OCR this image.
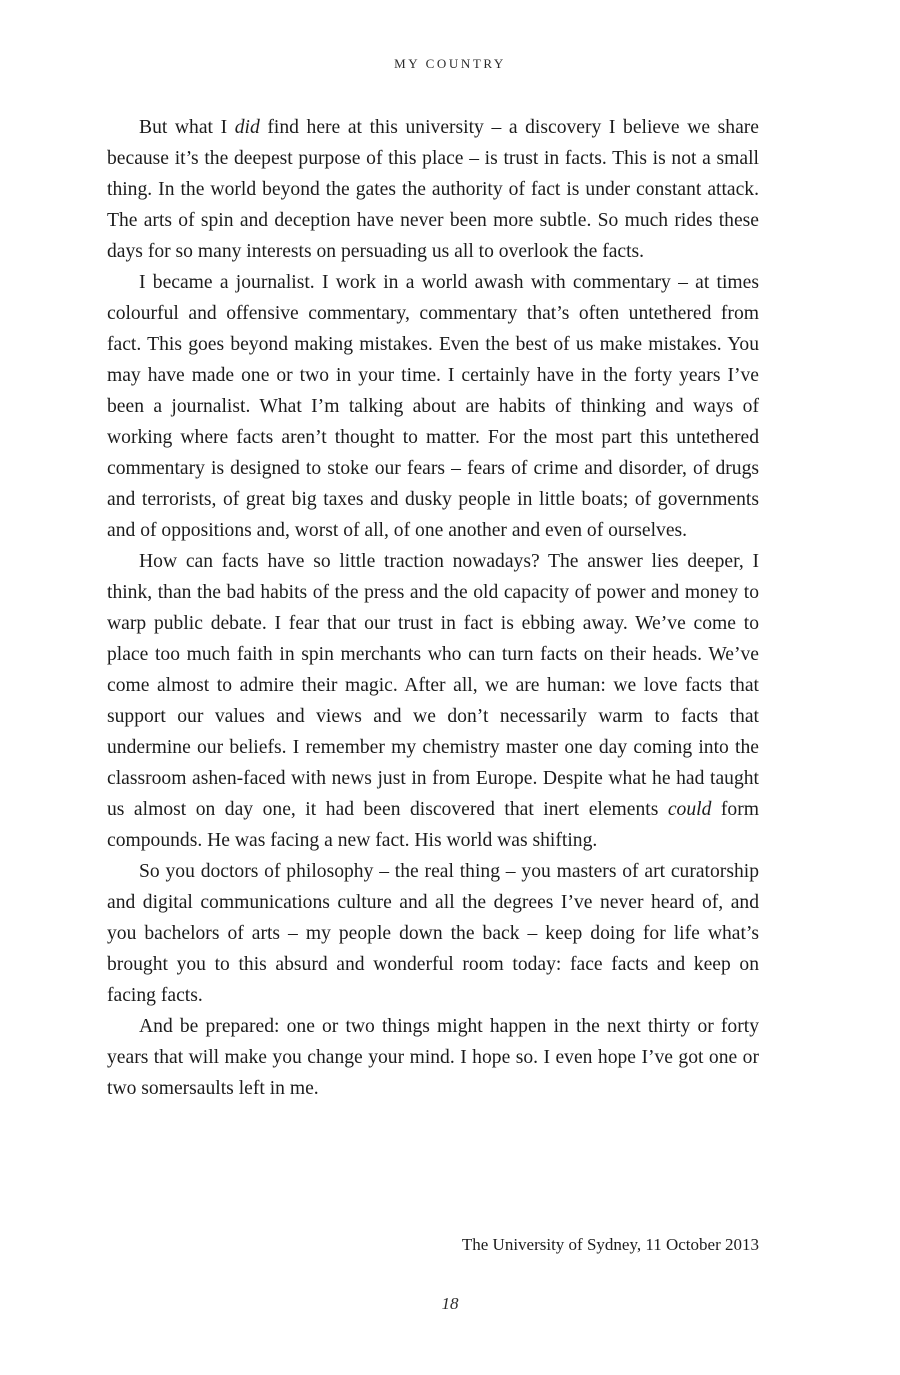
MY COUNTRY

But what I did find here at this university – a discovery I believe we share because it’s the deepest purpose of this place – is trust in facts. This is not a small thing. In the world beyond the gates the authority of fact is under constant attack. The arts of spin and deception have never been more subtle. So much rides these days for so many interests on persuading us all to overlook the facts.

I became a journalist. I work in a world awash with commentary – at times colourful and offensive commentary, commentary that’s often untethered from fact. This goes beyond making mistakes. Even the best of us make mistakes. You may have made one or two in your time. I certainly have in the forty years I’ve been a journalist. What I’m talking about are habits of thinking and ways of working where facts aren’t thought to matter. For the most part this untethered commentary is designed to stoke our fears – fears of crime and disorder, of drugs and terrorists, of great big taxes and dusky people in little boats; of governments and of oppositions and, worst of all, of one another and even of ourselves.

How can facts have so little traction nowadays? The answer lies deeper, I think, than the bad habits of the press and the old capacity of power and money to warp public debate. I fear that our trust in fact is ebbing away. We’ve come to place too much faith in spin merchants who can turn facts on their heads. We’ve come almost to admire their magic. After all, we are human: we love facts that support our values and views and we don’t necessarily warm to facts that undermine our beliefs. I remember my chemistry master one day coming into the classroom ashen-faced with news just in from Europe. Despite what he had taught us almost on day one, it had been discovered that inert elements could form compounds. He was facing a new fact. His world was shifting.

So you doctors of philosophy – the real thing – you masters of art curatorship and digital communications culture and all the degrees I’ve never heard of, and you bachelors of arts – my people down the back – keep doing for life what’s brought you to this absurd and wonderful room today: face facts and keep on facing facts.

And be prepared: one or two things might happen in the next thirty or forty years that will make you change your mind. I hope so. I even hope I’ve got one or two somersaults left in me.

The University of Sydney, 11 October 2013
18
